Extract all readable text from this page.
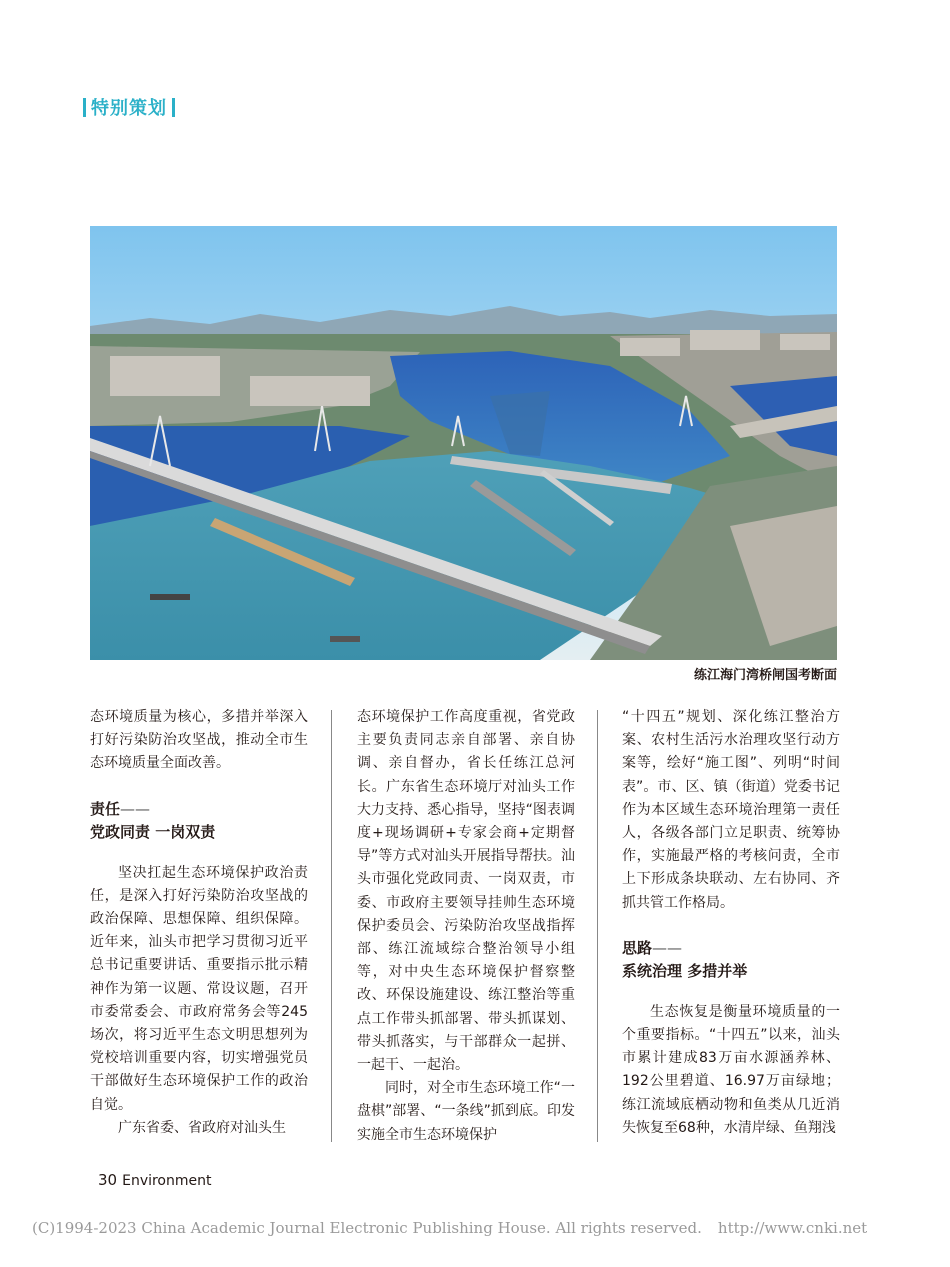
特别策划
练江海门湾桥闸国考断面

态环境质量为核心，多措并举深入打好污染防治攻坚战，推动全市生态环境质量全面改善。

责任——
党政同责 一岗双责

坚决扛起生态环境保护政治责任，是深入打好污染防治攻坚战的政治保障、思想保障、组织保障。近年来，汕头市把学习贯彻习近平总书记重要讲话、重要指示批示精神作为第一议题、常设议题，召开市委常委会、市政府常务会等245场次，将习近平生态文明思想列为党校培训重要内容，切实增强党员干部做好生态环境保护工作的政治自觉。

广东省委、省政府对汕头生

态环境保护工作高度重视，省党政主要负责同志亲自部署、亲自协调、亲自督办，省长任练江总河长。广东省生态环境厅对汕头工作大力支持、悉心指导，坚持“图表调度+现场调研+专家会商+定期督导”等方式对汕头开展指导帮扶。汕头市强化党政同责、一岗双责，市委、市政府主要领导挂帅生态环境保护委员会、污染防治攻坚战指挥部、练江流域综合整治领导小组等，对中央生态环境保护督察整改、环保设施建设、练江整治等重点工作带头抓部署、带头抓谋划、带头抓落实，与干部群众一起拼、一起干、一起治。

同时，对全市生态环境工作“一盘棋”部署、“一条线”抓到底。印发实施全市生态环境保护

“十四五”规划、深化练江整治方案、农村生活污水治理攻坚行动方案等，绘好“施工图”、列明“时间表”。市、区、镇（街道）党委书记作为本区域生态环境治理第一责任人，各级各部门立足职责、统筹协作，实施最严格的考核问责，全市上下形成条块联动、左右协同、齐抓共管工作格局。

思路——
系统治理 多措并举

生态恢复是衡量环境质量的一个重要指标。“十四五”以来，汕头市累计建成83万亩水源涵养林、192公里碧道、16.97万亩绿地；练江流域底栖动物和鱼类从几近消失恢复至68种，水清岸绿、鱼翔浅

30 Environment
(C)1994-2023 China Academic Journal Electronic Publishing House. All rights reserved. http://www.cnki.net
